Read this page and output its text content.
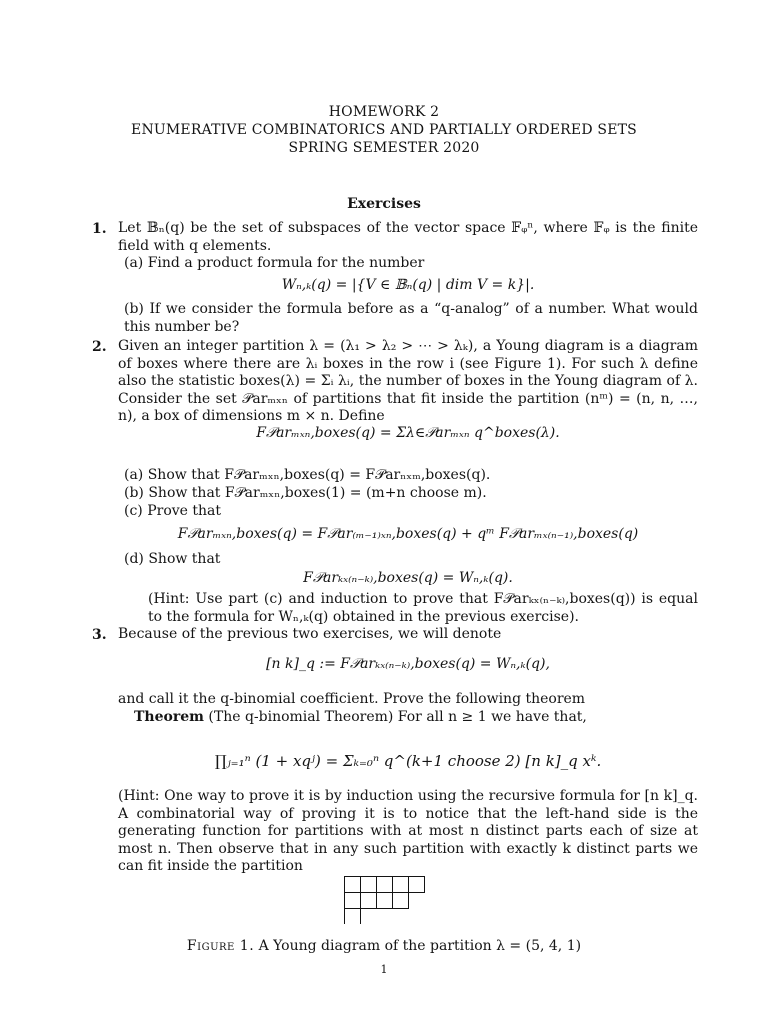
HOMEWORK 2
ENUMERATIVE COMBINATORICS AND PARTIALLY ORDERED SETS
SPRING SEMESTER 2020
Exercises
1. Let 𝔹ₙ(q) be the set of subspaces of the vector space 𝔽ᵩⁿ, where 𝔽ᵩ is the finite field with q elements.
(a) Find a product formula for the number
Wₙ,ₖ(q) = |{V ∈ 𝔹ₙ(q) | dim V = k}|.
(b) If we consider the formula before as a “q-analog” of a number. What would this number be?
2. Given an integer partition λ = (λ₁ > λ₂ > ⋯ > λₖ), a Young diagram is a diagram of boxes where there are λᵢ boxes in the row i (see Figure 1). For such λ define also the statistic boxes(λ) = Σᵢ λᵢ, the number of boxes in the Young diagram of λ. Consider the set 𝒫arₘₓₙ of partitions that fit inside the partition (nᵐ) = (n, n, …, n), a box of dimensions m × n. Define
F𝒫arₘₓₙ,boxes(q) = Σλ∈𝒫arₘₓₙ q^boxes(λ).
(a) Show that F𝒫arₘₓₙ,boxes(q) = F𝒫arₙₓₘ,boxes(q).
(b) Show that F𝒫arₘₓₙ,boxes(1) = (m+n choose m).
(c) Prove that
F𝒫arₘₓₙ,boxes(q) = F𝒫ar₍ₘ₋₁₎ₓₙ,boxes(q) + qᵐ F𝒫arₘₓ₍ₙ₋₁₎,boxes(q)
(d) Show that
F𝒫arₖₓ₍ₙ₋ₖ₎,boxes(q) = Wₙ,ₖ(q).
(Hint: Use part (c) and induction to prove that F𝒫arₖₓ₍ₙ₋ₖ₎,boxes(q)) is equal to the formula for Wₙ,ₖ(q) obtained in the previous exercise).
3. Because of the previous two exercises, we will denote
[n k]_q := F𝒫arₖₓ₍ₙ₋ₖ₎,boxes(q) = Wₙ,ₖ(q),
and call it the q-binomial coefficient. Prove the following theorem
Theorem (The q-binomial Theorem) For all n ≥ 1 we have that,
∏ⱼ₌₁ⁿ (1 + xqʲ) = Σₖ₌₀ⁿ q^(k+1 choose 2) [n k]_q xᵏ.
(Hint: One way to prove it is by induction using the recursive formula for [n k]_q. A combinatorial way of proving it is to notice that the left-hand side is the generating function for partitions with at most n distinct parts each of size at most n. Then observe that in any such partition with exactly k distinct parts we can fit inside the partition
Figure 1. A Young diagram of the partition λ = (5, 4, 1)
1
